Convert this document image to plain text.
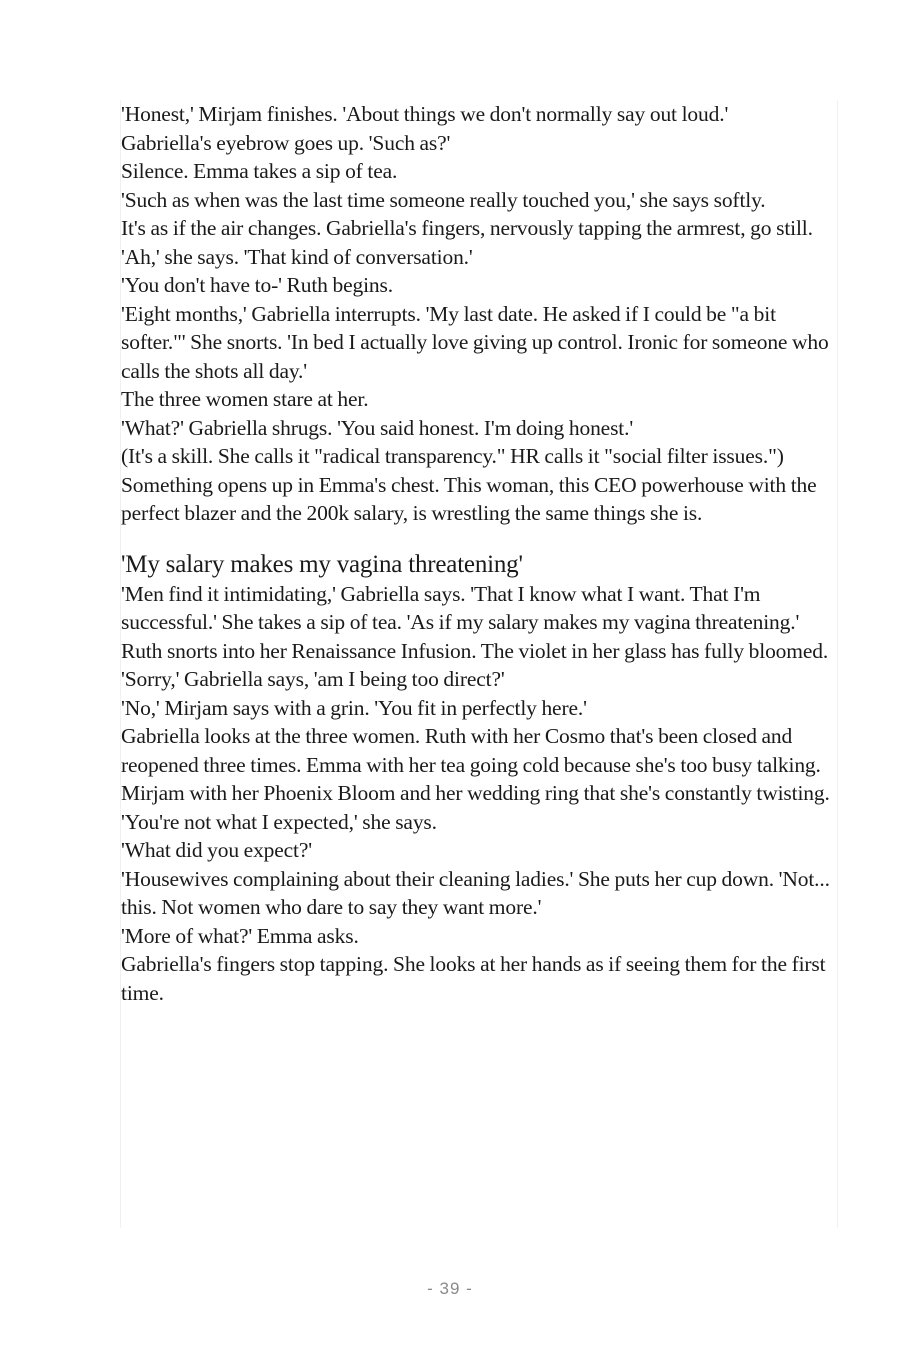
'Honest,' Mirjam finishes. 'About things we don't normally say out loud.'

Gabriella's eyebrow goes up. 'Such as?'

Silence. Emma takes a sip of tea.

'Such as when was the last time someone really touched you,' she says softly.

It's as if the air changes. Gabriella's fingers, nervously tapping the armrest, go still.

'Ah,' she says. 'That kind of conversation.'

'You don't have to-' Ruth begins.

'Eight months,' Gabriella interrupts. 'My last date. He asked if I could be "a bit softer."' She snorts. 'In bed I actually love giving up control. Ironic for someone who calls the shots all day.'

The three women stare at her.

'What?' Gabriella shrugs. 'You said honest. I'm doing honest.'

(It's a skill. She calls it "radical transparency." HR calls it "social filter issues.")

Something opens up in Emma's chest. This woman, this CEO powerhouse with the perfect blazer and the 200k salary, is wrestling the same things she is.

'My salary makes my vagina threatening'

'Men find it intimidating,' Gabriella says. 'That I know what I want. That I'm successful.' She takes a sip of tea. 'As if my salary makes my vagina threatening.'

Ruth snorts into her Renaissance Infusion. The violet in her glass has fully bloomed.

'Sorry,' Gabriella says, 'am I being too direct?'

'No,' Mirjam says with a grin. 'You fit in perfectly here.'

Gabriella looks at the three women. Ruth with her Cosmo that's been closed and reopened three times. Emma with her tea going cold because she's too busy talking. Mirjam with her Phoenix Bloom and her wedding ring that she's constantly twisting.

'You're not what I expected,' she says.

'What did you expect?'

'Housewives complaining about their cleaning ladies.' She puts her cup down. 'Not... this. Not women who dare to say they want more.'

'More of what?' Emma asks.

Gabriella's fingers stop tapping. She looks at her hands as if seeing them for the first time.

- 39 -
